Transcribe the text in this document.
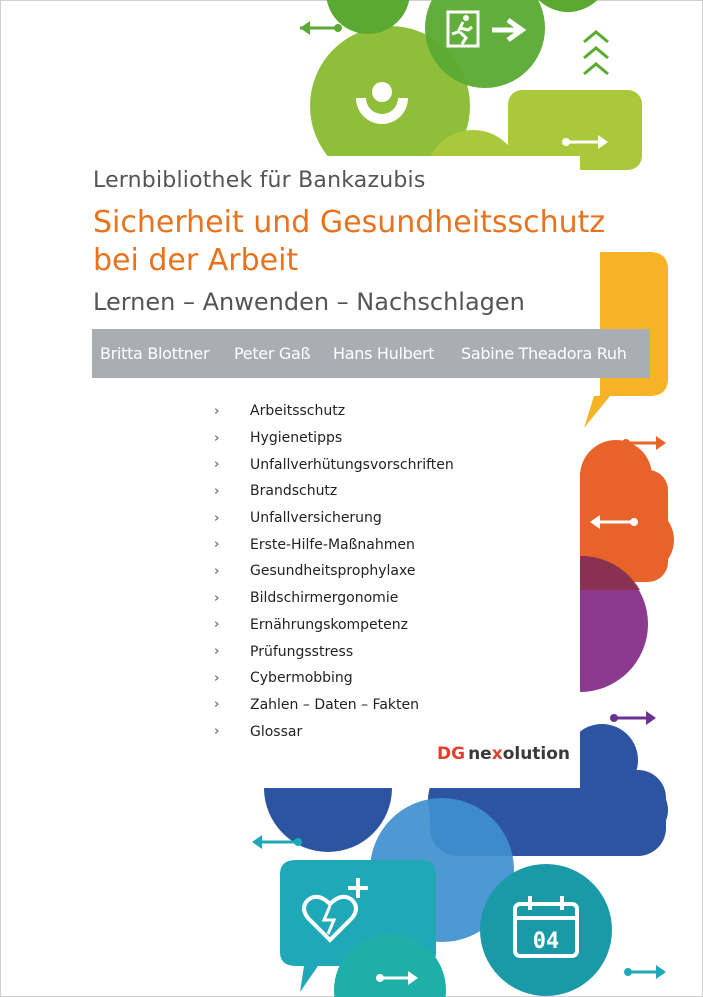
04
Lernbibliothek für Bankazubis
Sicherheit und Gesundheitsschutz
bei der Arbeit
Lernen – Anwenden – Nachschlagen
Britta Blottner Peter Gaß Hans Hulbert Sabine Theadora Ruh
›	Arbeitsschutz
›	Hygienetipps
›	Unfallverhütungsvorschriften
›	Brandschutz
›	Unfallversicherung
›	Erste-Hilfe-Maßnahmen
›	Gesundheitsprophylaxe
›	Bildschirmergonomie
›	Ernährungskompetenz
›	Prüfungsstress
›	Cybermobbing
›	Zahlen – Daten – Fakten
›	Glossar
DG nexolution
